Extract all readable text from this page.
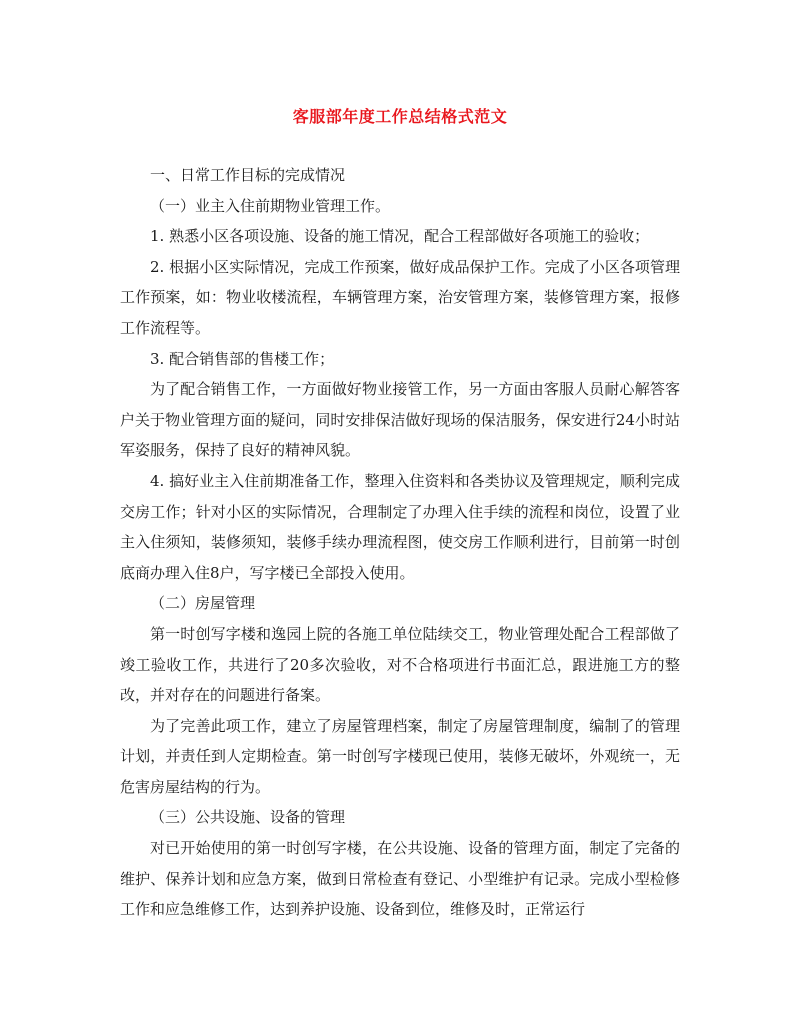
客服部年度工作总结格式范文

一、日常工作目标的完成情况

（一）业主入住前期物业管理工作。

1. 熟悉小区各项设施、设备的施工情况，配合工程部做好各项施工的验收；

2. 根据小区实际情况，完成工作预案，做好成品保护工作。完成了小区各项管理工作预案，如：物业收楼流程，车辆管理方案，治安管理方案，装修管理方案，报修工作流程等。

3. 配合销售部的售楼工作；

为了配合销售工作，一方面做好物业接管工作，另一方面由客服人员耐心解答客户关于物业管理方面的疑问，同时安排保洁做好现场的保洁服务，保安进行24小时站军姿服务，保持了良好的精神风貌。

4. 搞好业主入住前期准备工作，整理入住资料和各类协议及管理规定，顺利完成交房工作；针对小区的实际情况，合理制定了办理入住手续的流程和岗位，设置了业主入住须知，装修须知，装修手续办理流程图，使交房工作顺利进行，目前第一时创底商办理入住8户，写字楼已全部投入使用。

（二）房屋管理

第一时创写字楼和逸园上院的各施工单位陆续交工，物业管理处配合工程部做了竣工验收工作，共进行了20多次验收，对不合格项进行书面汇总，跟进施工方的整改，并对存在的问题进行备案。

为了完善此项工作，建立了房屋管理档案，制定了房屋管理制度，编制了的管理计划，并责任到人定期检查。第一时创写字楼现已使用，装修无破坏，外观统一，无危害房屋结构的行为。

（三）公共设施、设备的管理

对已开始使用的第一时创写字楼，在公共设施、设备的管理方面，制定了完备的维护、保养计划和应急方案，做到日常检查有登记、小型维护有记录。完成小型检修工作和应急维修工作，达到养护设施、设备到位，维修及时，正常运行
